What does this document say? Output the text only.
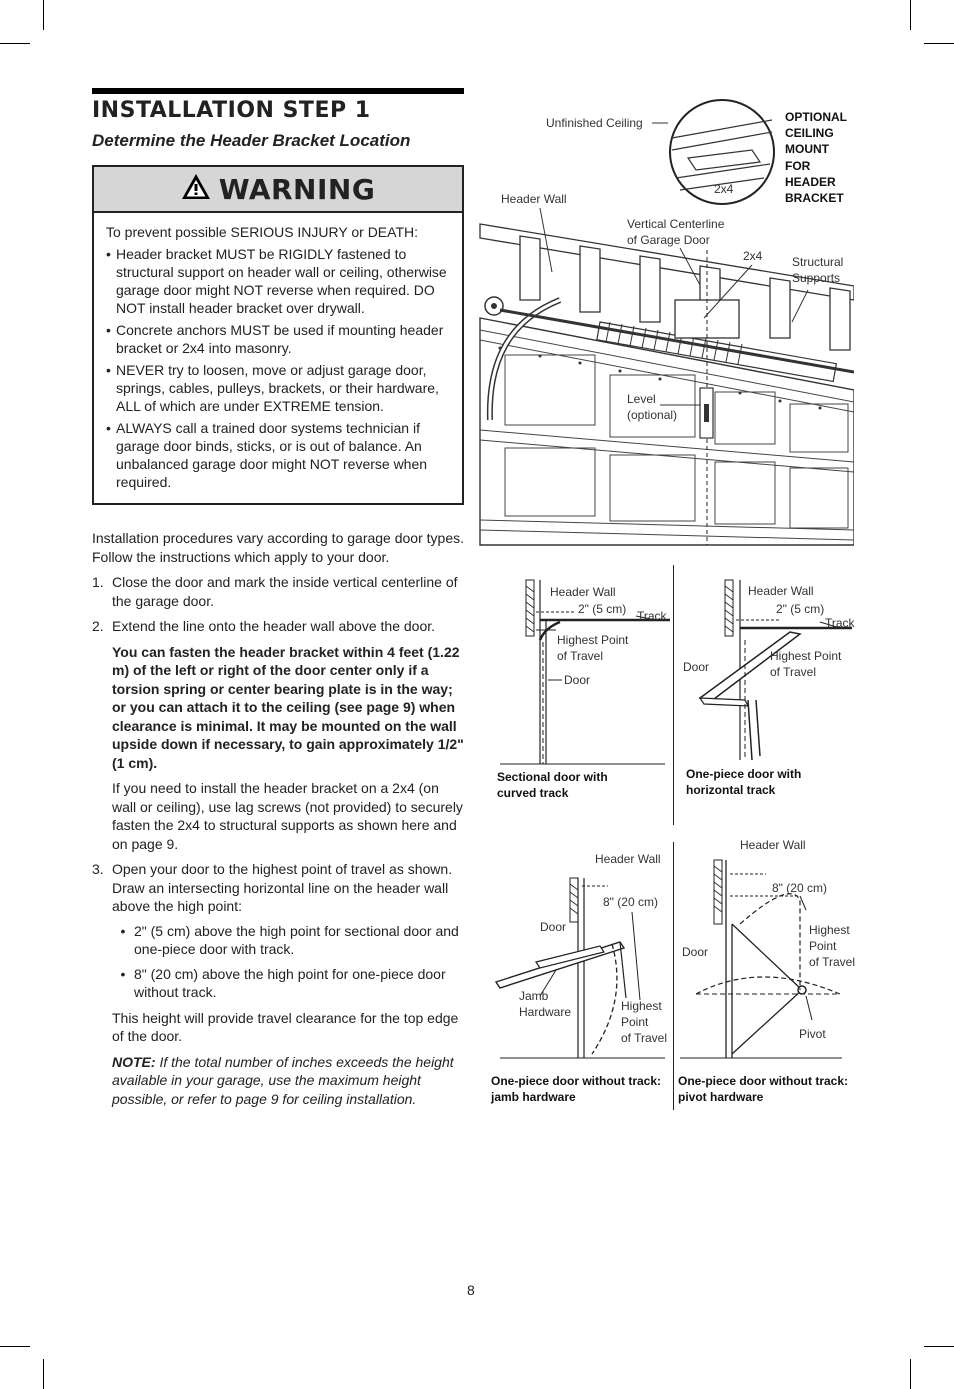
INSTALLATION STEP 1
Determine the Header Bracket Location
WARNING
To prevent possible SERIOUS INJURY or DEATH:
• Header bracket MUST be RIGIDLY fastened to structural support on header wall or ceiling, otherwise garage door might NOT reverse when required. DO NOT install header bracket over drywall.
• Concrete anchors MUST be used if mounting header bracket or 2x4 into masonry.
• NEVER try to loosen, move or adjust garage door, springs, cables, pulleys, brackets, or their hardware, ALL of which are under EXTREME tension.
• ALWAYS call a trained door systems technician if garage door binds, sticks, or is out of balance. An unbalanced garage door might NOT reverse when required.
Installation procedures vary according to garage door types. Follow the instructions which apply to your door.
1. Close the door and mark the inside vertical centerline of the garage door.
2. Extend the line onto the header wall above the door.
You can fasten the header bracket within 4 feet (1.22 m) of the left or right of the door center only if a torsion spring or center bearing plate is in the way; or you can attach it to the ceiling (see page 9) when clearance is minimal. It may be mounted on the wall upside down if necessary, to gain approximately 1/2" (1 cm).
If you need to install the header bracket on a 2x4 (on wall or ceiling), use lag screws (not provided) to securely fasten the 2x4 to structural supports as shown here and on page 9.
3. Open your door to the highest point of travel as shown. Draw an intersecting horizontal line on the header wall above the high point:
• 2" (5 cm) above the high point for sectional door and one-piece door with track.
• 8" (20 cm) above the high point for one-piece door without track.
This height will provide travel clearance for the top edge of the door.
NOTE: If the total number of inches exceeds the height available in your garage, use the maximum height possible, or refer to page 9 for ceiling installation.
Unfinished Ceiling
2x4
OPTIONAL
CEILING
MOUNT
FOR
HEADER
BRACKET
Header Wall
Vertical Centerline
of Garage Door
2x4 Structural
Supports
Level
(optional)
Header Wall
2" (5 cm) Track
Highest Point
of Travel
Door
Sectional door with
curved track
Header Wall
2" (5 cm)
Track
Door
Highest Point
of Travel
One-piece door with
horizontal track
Header Wall
8" (20 cm)
Door
Jamb
Hardware	Highest
Point
of Travel
One-piece door without track:
jamb hardware
Header Wall
8" (20 cm)
Door
Highest
Point
of Travel
Pivot
One-piece door without track:
pivot hardware
8
